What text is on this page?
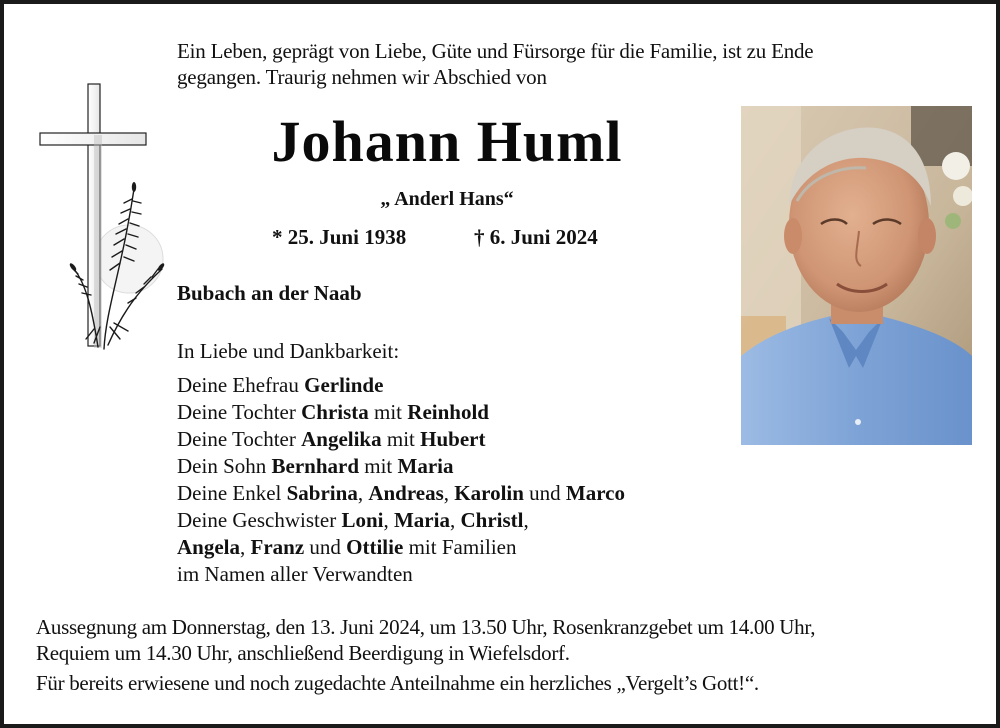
Ein Leben, geprägt von Liebe, Güte und Fürsorge für die Familie, ist zu Ende
gegangen. Traurig nehmen wir Abschied von
Johann Huml
„ Anderl Hans“
* 25. Juni 1938	† 6. Juni 2024
Bubach an der Naab
In Liebe und Dankbarkeit:
Deine Ehefrau Gerlinde
Deine Tochter Christa mit Reinhold
Deine Tochter Angelika mit Hubert
Dein Sohn Bernhard mit Maria
Deine Enkel Sabrina, Andreas, Karolin und Marco
Deine Geschwister Loni, Maria, Christl,
Angela, Franz und Ottilie mit Familien
im Namen aller Verwandten
Aussegnung am Donnerstag, den 13. Juni 2024, um 13.50 Uhr, Rosenkranzgebet um 14.00 Uhr,
Requiem um 14.30 Uhr, anschließend Beerdigung in Wiefelsdorf.
Für bereits erwiesene und noch zugedachte Anteilnahme ein herzliches „Vergelt’s Gott!“.
